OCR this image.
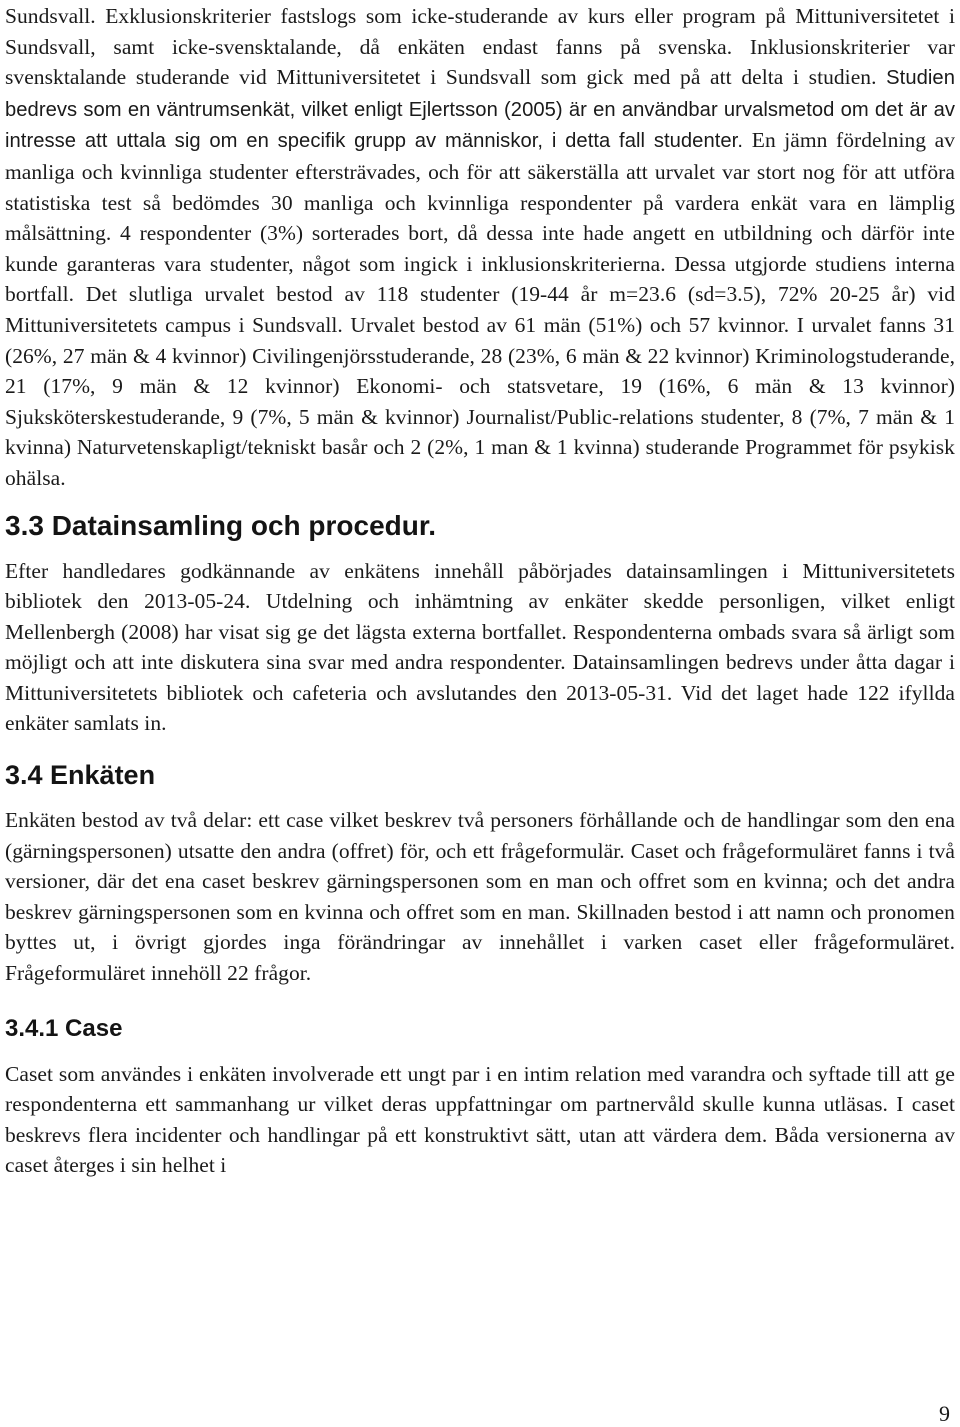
Sundsvall. Exklusionskriterier fastslogs som icke-studerande av kurs eller program på Mittuniversitetet i Sundsvall, samt icke-svensktalande, då enkäten endast fanns på svenska. Inklusionskriterier var svensktalande studerande vid Mittuniversitetet i Sundsvall som gick med på att delta i studien. Studien bedrevs som en väntrumsenkät, vilket enligt Ejlertsson (2005) är en användbar urvalsmetod om det är av intresse att uttala sig om en specifik grupp av människor, i detta fall studenter. En jämn fördelning av manliga och kvinnliga studenter eftersträvades, och för att säkerställa att urvalet var stort nog för att utföra statistiska test så bedömdes 30 manliga och kvinnliga respondenter på vardera enkät vara en lämplig målsättning. 4 respondenter (3%) sorterades bort, då dessa inte hade angett en utbildning och därför inte kunde garanteras vara studenter, något som ingick i inklusionskriterierna. Dessa utgjorde studiens interna bortfall. Det slutliga urvalet bestod av 118 studenter (19-44 år m=23.6 (sd=3.5), 72% 20-25 år) vid Mittuniversitetets campus i Sundsvall. Urvalet bestod av 61 män (51%) och 57 kvinnor. I urvalet fanns 31 (26%, 27 män & 4 kvinnor) Civilingenjörsstuderande, 28 (23%, 6 män & 22 kvinnor) Kriminologstuderande, 21 (17%, 9 män & 12 kvinnor) Ekonomi- och statsvetare, 19 (16%, 6 män & 13 kvinnor) Sjuksköterskestuderande, 9 (7%, 5 män & kvinnor) Journalist/Public-relations studenter, 8 (7%, 7 män & 1 kvinna) Naturvetenskapligt/tekniskt basår och 2 (2%, 1 man & 1 kvinna) studerande Programmet för psykisk ohälsa.

3.3 Datainsamling och procedur.

Efter handledares godkännande av enkätens innehåll påbörjades datainsamlingen i Mittuniversitetets bibliotek den 2013-05-24. Utdelning och inhämtning av enkäter skedde personligen, vilket enligt Mellenbergh (2008) har visat sig ge det lägsta externa bortfallet. Respondenterna ombads svara så ärligt som möjligt och att inte diskutera sina svar med andra respondenter. Datainsamlingen bedrevs under åtta dagar i Mittuniversitetets bibliotek och cafeteria och avslutandes den 2013-05-31. Vid det laget hade 122 ifyllda enkäter samlats in.

3.4 Enkäten

Enkäten bestod av två delar: ett case vilket beskrev två personers förhållande och de handlingar som den ena (gärningspersonen) utsatte den andra (offret) för, och ett frågeformulär. Caset och frågeformuläret fanns i två versioner, där det ena caset beskrev gärningspersonen som en man och offret som en kvinna; och det andra beskrev gärningspersonen som en kvinna och offret som en man. Skillnaden bestod i att namn och pronomen byttes ut, i övrigt gjordes inga förändringar av innehållet i varken caset eller frågeformuläret. Frågeformuläret innehöll 22 frågor.

3.4.1 Case

Caset som användes i enkäten involverade ett ungt par i en intim relation med varandra och syftade till att ge respondenterna ett sammanhang ur vilket deras uppfattningar om partnervåld skulle kunna utläsas. I caset beskrevs flera incidenter och handlingar på ett konstruktivt sätt, utan att värdera dem. Båda versionerna av caset återges i sin helhet i

9
